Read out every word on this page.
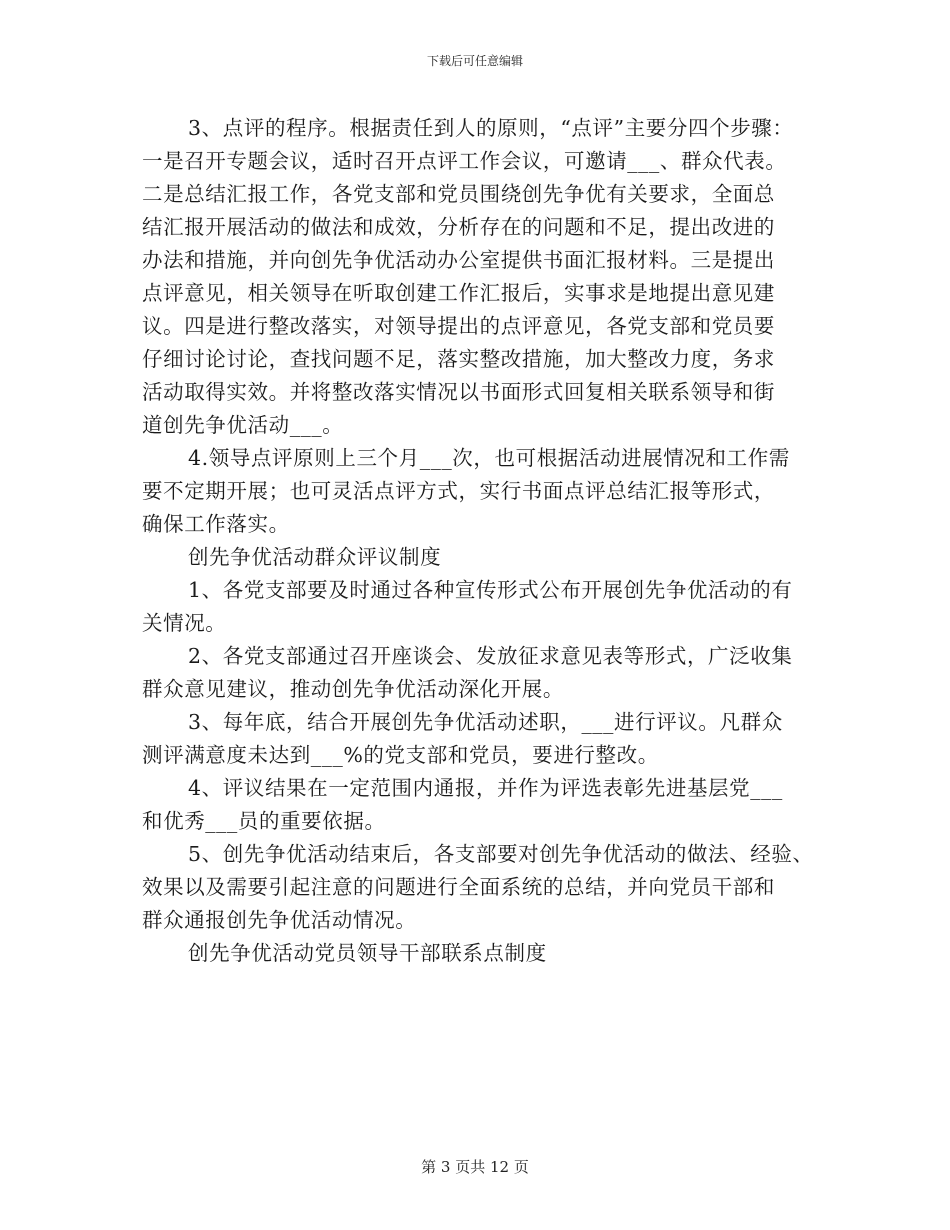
下载后可任意编辑
3、点评的程序。根据责任到人的原则，“点评”主要分四个步骤：
一是召开专题会议，适时召开点评工作会议，可邀请___、群众代表。
二是总结汇报工作，各党支部和党员围绕创先争优有关要求，全面总
结汇报开展活动的做法和成效，分析存在的问题和不足，提出改进的
办法和措施，并向创先争优活动办公室提供书面汇报材料。三是提出
点评意见，相关领导在听取创建工作汇报后，实事求是地提出意见建
议。四是进行整改落实，对领导提出的点评意见，各党支部和党员要
仔细讨论讨论，查找问题不足，落实整改措施，加大整改力度，务求
活动取得实效。并将整改落实情况以书面形式回复相关联系领导和街
道创先争优活动___。
4.领导点评原则上三个月___次，也可根据活动进展情况和工作需
要不定期开展；也可灵活点评方式，实行书面点评总结汇报等形式，
确保工作落实。
创先争优活动群众评议制度
1、各党支部要及时通过各种宣传形式公布开展创先争优活动的有
关情况。
2、各党支部通过召开座谈会、发放征求意见表等形式，广泛收集
群众意见建议，推动创先争优活动深化开展。
3、每年底，结合开展创先争优活动述职，___进行评议。凡群众
测评满意度未达到___%的党支部和党员，要进行整改。
4、评议结果在一定范围内通报，并作为评选表彰先进基层党___
和优秀___员的重要依据。
5、创先争优活动结束后，各支部要对创先争优活动的做法、经验、
效果以及需要引起注意的问题进行全面系统的总结，并向党员干部和
群众通报创先争优活动情况。
创先争优活动党员领导干部联系点制度
第 3 页共 12 页
